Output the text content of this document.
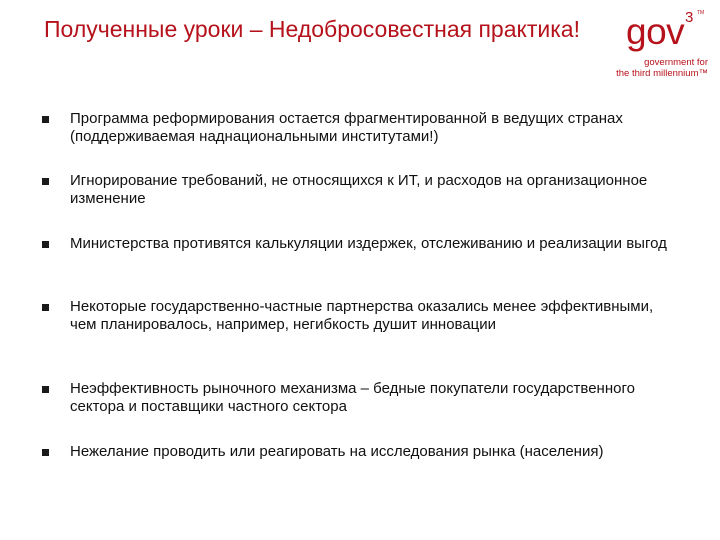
Полученные уроки – Недобросовестная практика! gov 3 TM
government for
the third millennium™
Программа реформирования остается фрагментированной в ведущих странах (поддерживаемая наднациональными институтами!)
Игнорирование требований, не относящихся к ИТ, и расходов на организационное изменение
Министерства противятся калькуляции издержек, отслеживанию и реализации выгод
Некоторые государственно-частные партнерства оказались менее эффективными, чем планировалось, например, негибкость душит инновации
Неэффективность рыночного механизма – бедные покупатели государственного сектора и поставщики частного сектора
Нежелание проводить или реагировать на исследования рынка (населения)
